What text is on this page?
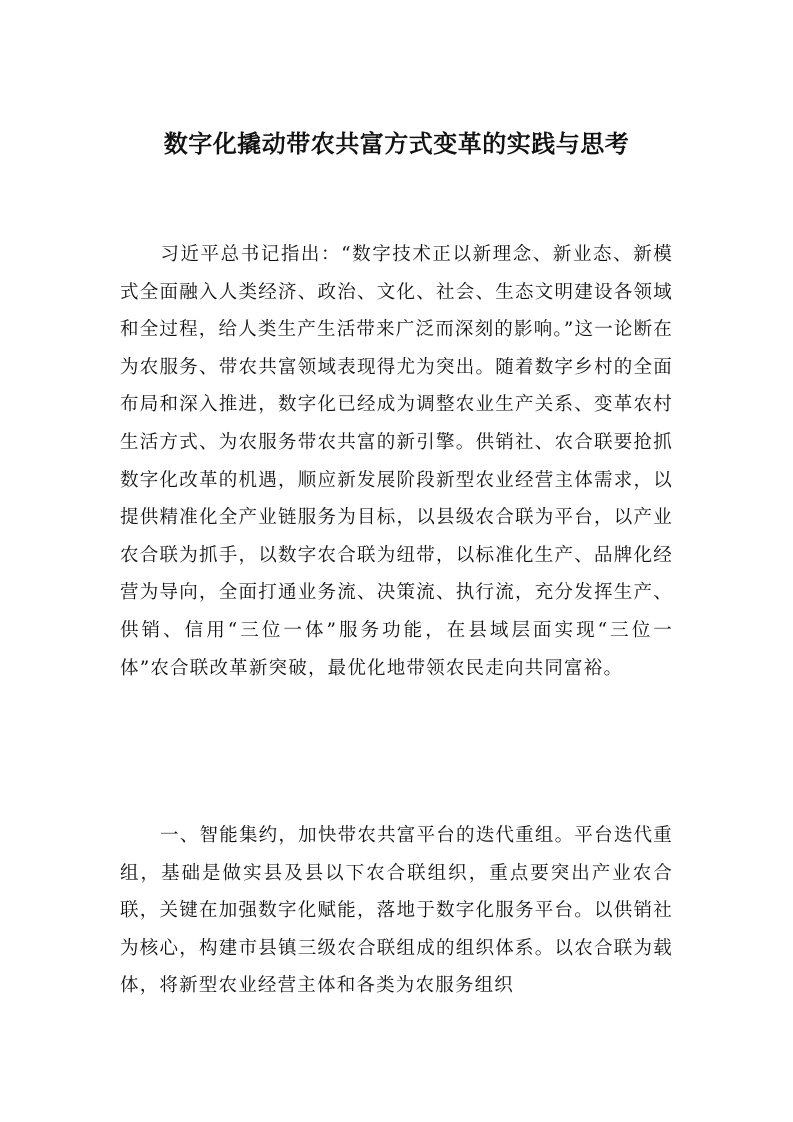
数字化撬动带农共富方式变革的实践与思考

习近平总书记指出：“数字技术正以新理念、新业态、新模式全面融入人类经济、政治、文化、社会、生态文明建设各领域和全过程，给人类生产生活带来广泛而深刻的影响。”这一论断在为农服务、带农共富领域表现得尤为突出。随着数字乡村的全面布局和深入推进，数字化已经成为调整农业生产关系、变革农村生活方式、为农服务带农共富的新引擎。供销社、农合联要抢抓数字化改革的机遇，顺应新发展阶段新型农业经营主体需求，以提供精准化全产业链服务为目标，以县级农合联为平台，以产业农合联为抓手，以数字农合联为纽带，以标准化生产、品牌化经营为导向，全面打通业务流、决策流、执行流，充分发挥生产、供销、信用“三位一体”服务功能，在县域层面实现“三位一体”农合联改革新突破，最优化地带领农民走向共同富裕。

一、智能集约，加快带农共富平台的迭代重组。平台迭代重组，基础是做实县及县以下农合联组织，重点要突出产业农合联，关键在加强数字化赋能，落地于数字化服务平台。以供销社为核心，构建市县镇三级农合联组成的组织体系。以农合联为载体，将新型农业经营主体和各类为农服务组织
